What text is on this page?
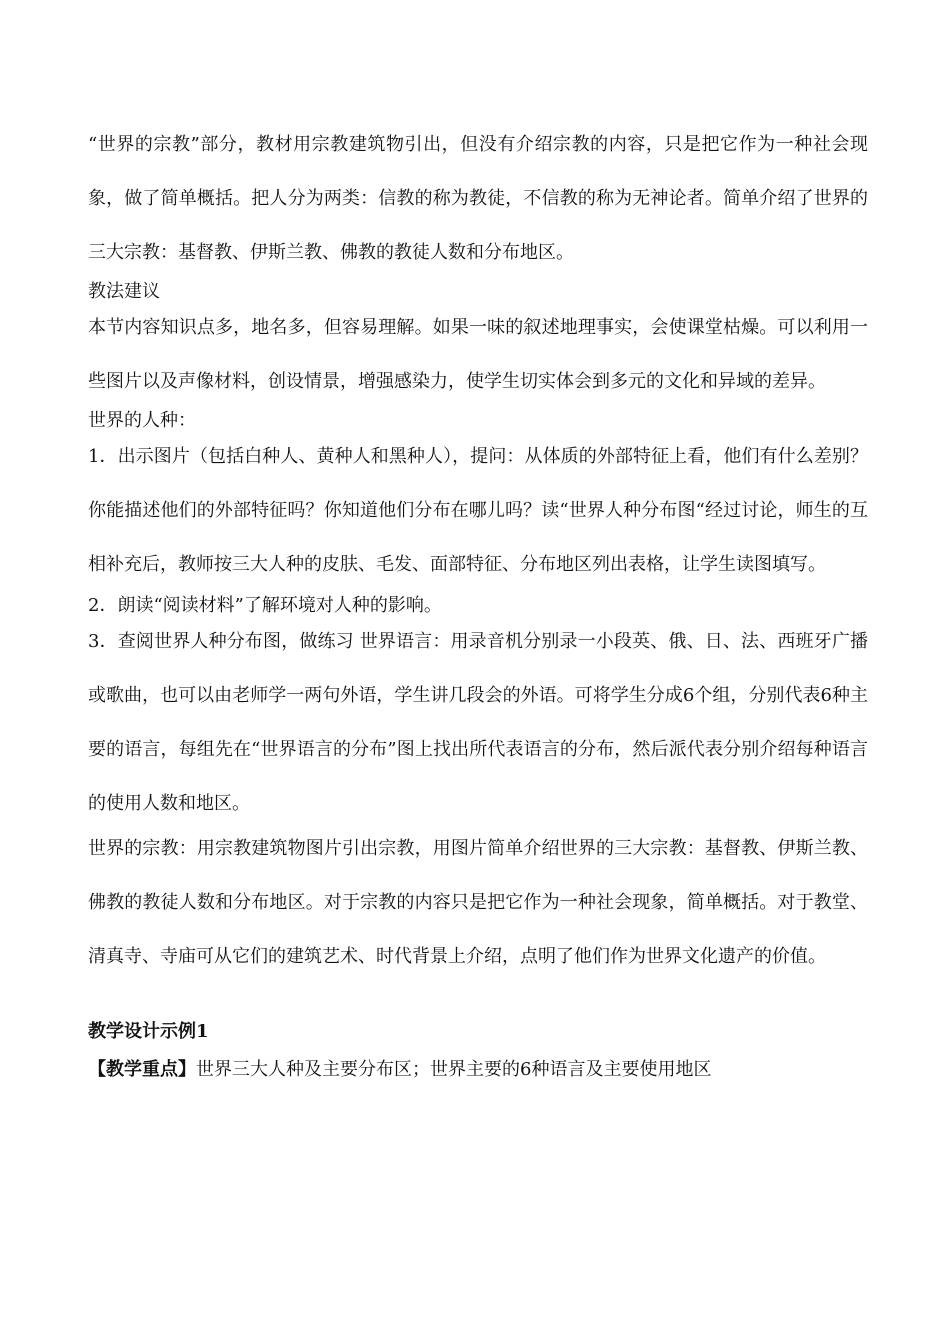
“世界的宗教”部分，教材用宗教建筑物引出，但没有介绍宗教的内容，只是把它作为一种社会现象，做了简单概括。把人分为两类：信教的称为教徒，不信教的称为无神论者。简单介绍了世界的三大宗教：基督教、伊斯兰教、佛教的教徒人数和分布地区。

教法建议

本节内容知识点多，地名多，但容易理解。如果一味的叙述地理事实，会使课堂枯燥。可以利用一些图片以及声像材料，创设情景，增强感染力，使学生切实体会到多元的文化和异域的差异。

世界的人种：

1．出示图片（包括白种人、黄种人和黑种人），提问：从体质的外部特征上看，他们有什么差别？你能描述他们的外部特征吗？你知道他们分布在哪儿吗？读“世界人种分布图“经过讨论，师生的互相补充后，教师按三大人种的皮肤、毛发、面部特征、分布地区列出表格，让学生读图填写。

2．朗读“阅读材料”了解环境对人种的影响。

3．查阅世界人种分布图，做练习 世界语言：用录音机分别录一小段英、俄、日、法、西班牙广播或歌曲，也可以由老师学一两句外语，学生讲几段会的外语。可将学生分成6个组，分别代表6种主要的语言，每组先在“世界语言的分布”图上找出所代表语言的分布，然后派代表分别介绍每种语言的使用人数和地区。

世界的宗教：用宗教建筑物图片引出宗教，用图片简单介绍世界的三大宗教：基督教、伊斯兰教、佛教的教徒人数和分布地区。对于宗教的内容只是把它作为一种社会现象，简单概括。对于教堂、清真寺、寺庙可从它们的建筑艺术、时代背景上介绍，点明了他们作为世界文化遗产的价值。

教学设计示例1

【教学重点】世界三大人种及主要分布区；世界主要的6种语言及主要使用地区
